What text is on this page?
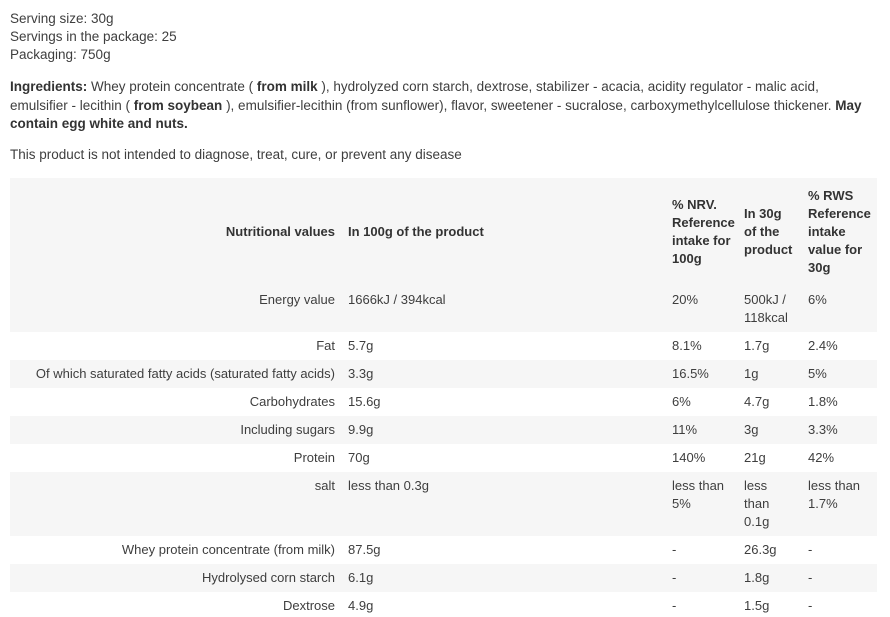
Serving size: 30g
Servings in the package: 25
Packaging: 750g

Ingredients: Whey protein concentrate ( from milk ), hydrolyzed corn starch, dextrose, stabilizer - acacia, acidity regulator - malic acid, emulsifier - lecithin ( from soybean ), emulsifier-lecithin (from sunflower), flavor, sweetener - sucralose, carboxymethylcellulose thickener. May contain egg white and nuts.

This product is not intended to diagnose, treat, cure, or prevent any disease
Nutritional values	In 100g of the product	% NRV. Reference intake for 100g	In 30g of the product	% RWS Reference intake value for 30g
Energy value	1666kJ / 394kcal	20%	500kJ / 118kcal	6%
Fat	5.7g	8.1%	1.7g	2.4%
Of which saturated fatty acids (saturated fatty acids)	3.3g	16.5%	1g	5%
Carbohydrates	15.6g	6%	4.7g	1.8%
Including sugars	9.9g	11%	3g	3.3%
Protein	70g	140%	21g	42%
salt	less than 0.3g	less than 5%	less than 0.1g	less than 1.7%
Whey protein concentrate (from milk)	87.5g	-	26.3g	-
Hydrolysed corn starch	6.1g	-	1.8g	-
Dextrose	4.9g	-	1.5g	-
